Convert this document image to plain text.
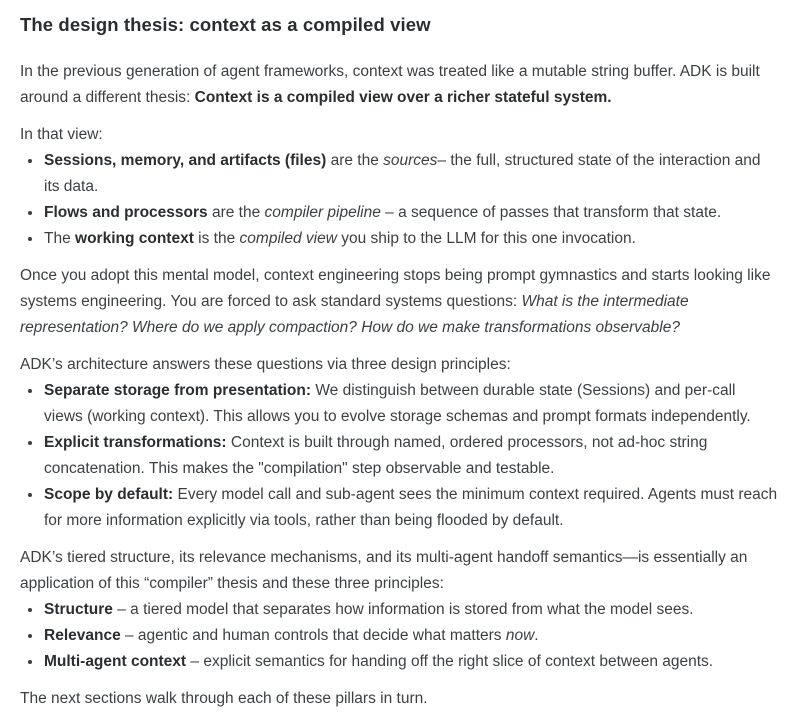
The design thesis: context as a compiled view

In the previous generation of agent frameworks, context was treated like a mutable string buffer. ADK is built around a different thesis: Context is a compiled view over a richer stateful system.

In that view:

• Sessions, memory, and artifacts (files) are the sources– the full, structured state of the interaction and its data.
• Flows and processors are the compiler pipeline – a sequence of passes that transform that state.
• The working context is the compiled view you ship to the LLM for this one invocation.

Once you adopt this mental model, context engineering stops being prompt gymnastics and starts looking like systems engineering. You are forced to ask standard systems questions: What is the intermediate representation? Where do we apply compaction? How do we make transformations observable?

ADK’s architecture answers these questions via three design principles:

• Separate storage from presentation: We distinguish between durable state (Sessions) and per-call views (working context). This allows you to evolve storage schemas and prompt formats independently.
• Explicit transformations: Context is built through named, ordered processors, not ad-hoc string concatenation. This makes the "compilation" step observable and testable.
• Scope by default: Every model call and sub-agent sees the minimum context required. Agents must reach for more information explicitly via tools, rather than being flooded by default.

ADK’s tiered structure, its relevance mechanisms, and its multi-agent handoff semantics—is essentially an application of this “compiler” thesis and these three principles:

• Structure – a tiered model that separates how information is stored from what the model sees.
• Relevance – agentic and human controls that decide what matters now.
• Multi-agent context – explicit semantics for handing off the right slice of context between agents.

The next sections walk through each of these pillars in turn.
